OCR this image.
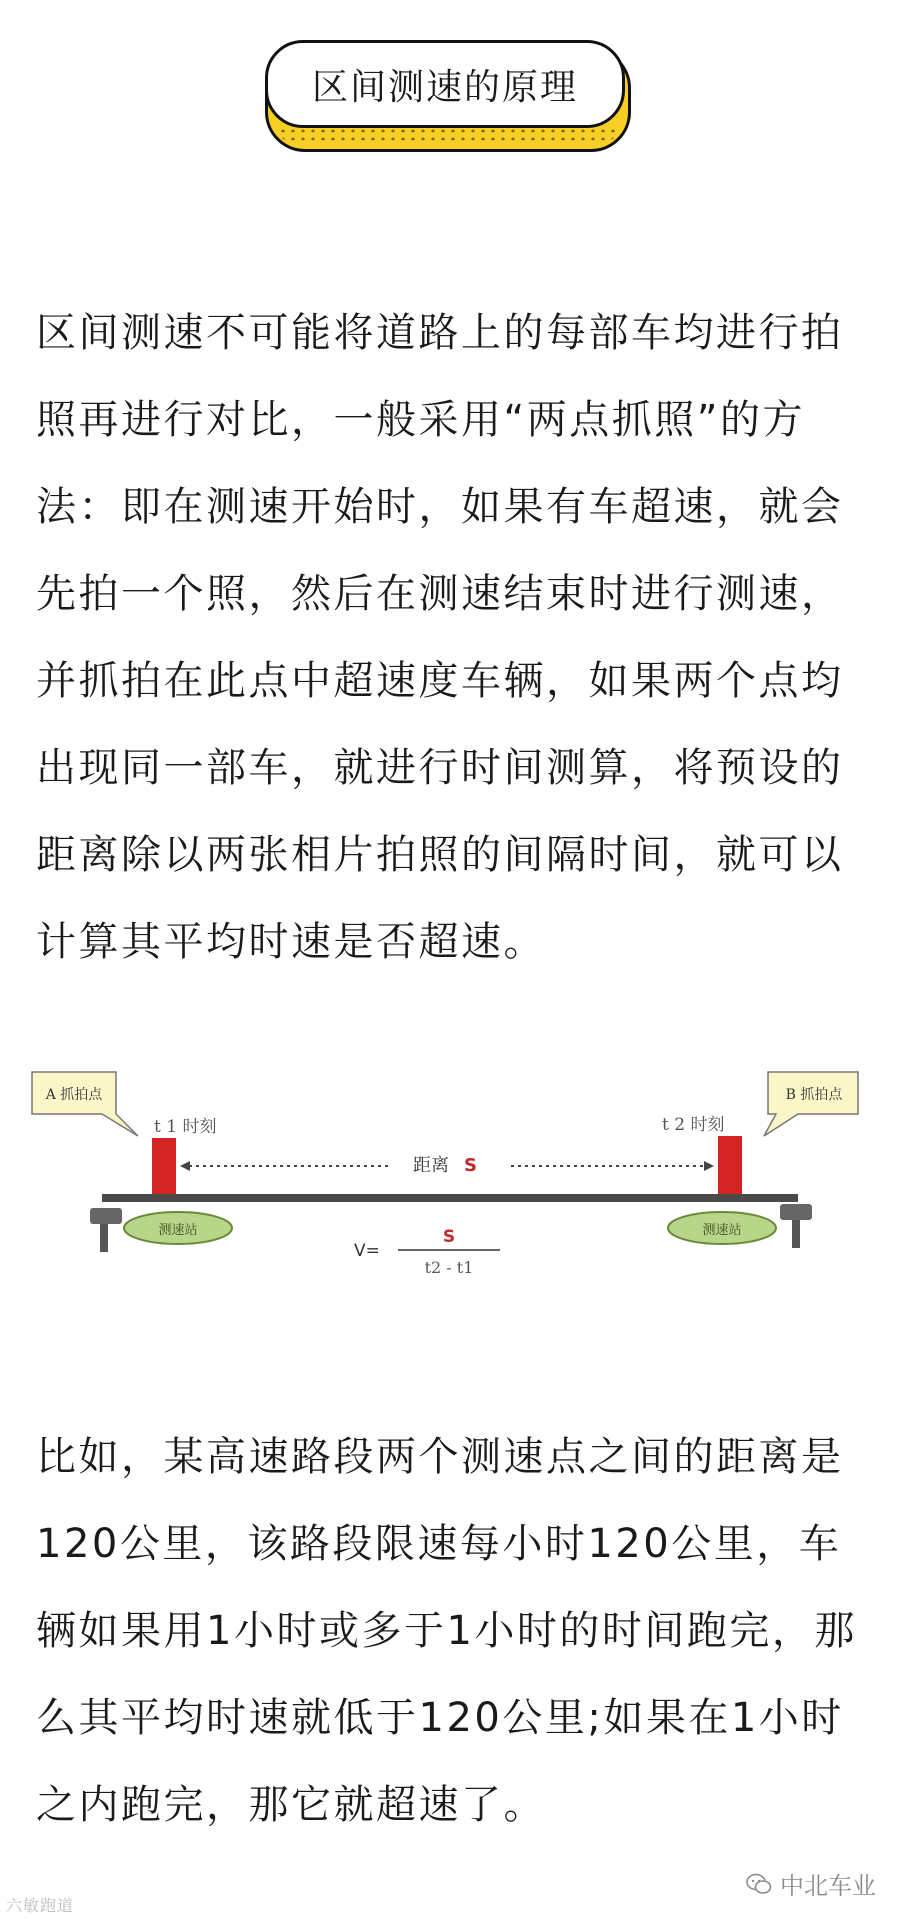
区间测速的原理

区间测速不可能将道路上的每部车均进行拍照再进行对比，一般采用“两点抓照”的方法：即在测速开始时，如果有车超速，就会先拍一个照，然后在测速结束时进行测速，并抓拍在此点中超速度车辆，如果两个点均出现同一部车，就进行时间测算，将预设的距离除以两张相片拍照的间隔时间，就可以计算其平均时速是否超速。

A 抓拍点	B 抓拍点
t 1 时刻	t 2 时刻
距离 S
测速站	测速站
V=
S
t2 - t1

比如，某高速路段两个测速点之间的距离是120公里，该路段限速每小时120公里，车辆如果用1小时或多于1小时的时间跑完，那么其平均时速就低于120公里;如果在1小时之内跑完，那它就超速了。

六敏跑道
中北车业
